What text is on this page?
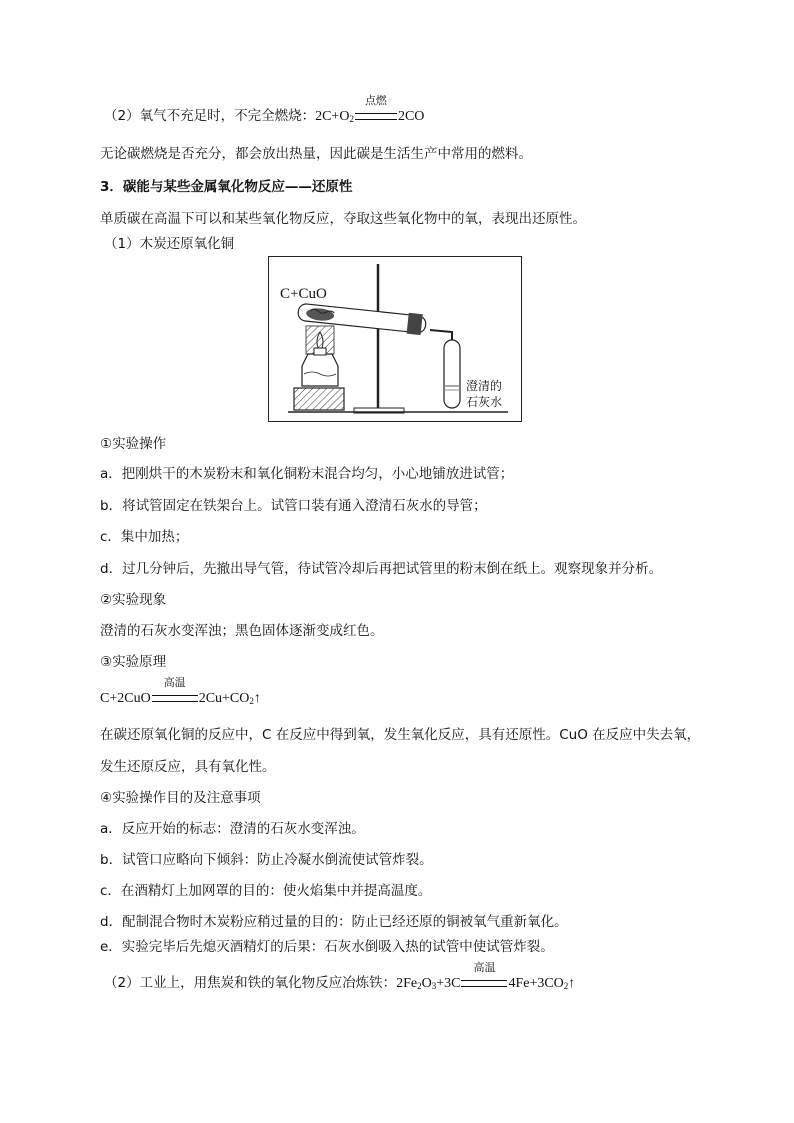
（2）氧气不充足时，不完全燃烧：$2C+O_2$
点燃
2CO
无论碳燃烧是否充分，都会放出热量，因此碳是生活生产中常用的燃料。
3．碳能与某些金属氧化物反应——还原性
单质碳在高温下可以和某些氧化物反应，夺取这些氧化物中的氧，表现出还原性。
（1）木炭还原氧化铜
C+CuO
澄清的
石灰水
①实验操作
a．把刚烘干的木炭粉末和氧化铜粉末混合均匀，小心地铺放进试管；
b．将试管固定在铁架台上。试管口装有通入澄清石灰水的导管；
c．集中加热；
d．过几分钟后，先撤出导气管，待试管冷却后再把试管里的粉末倒在纸上。观察现象并分析。
②实验现象
澄清的石灰水变浑浊；黑色固体逐渐变成红色。
③实验原理
C+2CuO
高温
$2Cu+CO_2↑$
在碳还原氧化铜的反应中，C 在反应中得到氧，发生氧化反应，具有还原性。CuO 在反应中失去氧，
发生还原反应，具有氧化性。
④实验操作目的及注意事项
a．反应开始的标志：澄清的石灰水变浑浊。
b．试管口应略向下倾斜：防止冷凝水倒流使试管炸裂。
c．在酒精灯上加网罩的目的：使火焰集中并提高温度。
d．配制混合物时木炭粉应稍过量的目的：防止已经还原的铜被氧气重新氧化。
e．实验完毕后先熄灭酒精灯的后果：石灰水倒吸入热的试管中使试管炸裂。
（2）工业上，用焦炭和铁的氧化物反应冶炼铁：$2Fe_2O_3+3C$
高温
$4Fe+3CO_2↑$
